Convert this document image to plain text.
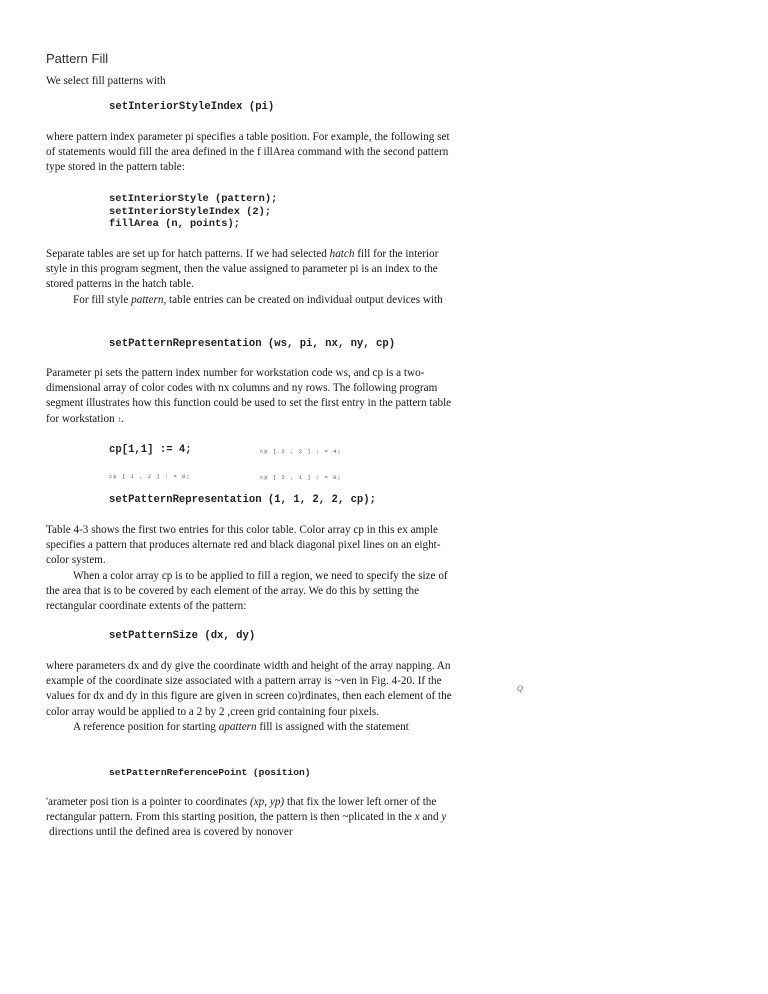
Pattern Fill
We select fill patterns with
setInteriorStyleIndex (pi)
where pattern index parameter pi specifies a table position. For example, the following set
of statements would fill the area defined in the f illArea command with the second pattern
type stored in the pattern table:
setInteriorStyle (pattern);
setInteriorStyleIndex (2);
fillArea (n, points);
Separate tables are set up for hatch patterns. If we had selected hatch fill for the interior
style in this program segment, then the value assigned to parameter pi is an index to the
stored patterns in the hatch table.
For fill style pattern, table entries can be created on individual output devices with
setPatternRepresentation (ws, pi, nx, ny, cp)
Parameter pi sets the pattern index number for workstation code ws, and cp is a two-
dimensional array of color codes with nx columns and ny rows. The following program
segment illustrates how this function could be used to set the first entry in the pattern table
for workstation 1.
cp[1,1] := 4;	cp [ 2 , 2 ] : = 4;
cp [ 1 , 2 ] : = 0;	cp [ 2 , 1 ] : = 0;
setPatternRepresentation (1, 1, 2, 2, cp);
Table 4-3 shows the first two entries for this color table. Color array cp in this ex ample
specifies a pattern that produces alternate red and black diagonal pixel lines on an eight-
color system.
When a color array cp is to be applied to fill a region, we need to specify the size of
the area that is to be covered by each element of the array. We do this by setting the
rectangular coordinate extents of the pattern:
setPatternSize (dx, dy)
where parameters dx and dy give the coordinate width and height of the array napping. An
example of the coordinate size associated with a pattern array is ~ven in Fig. 4-20. If the
values for dx and dy in this figure are given in screen co)rdinates, then each element of the
color array would be applied to a 2 by 2 ,creen grid containing four pixels.
A reference position for starting apattern fill is assigned with the statement
Q
setPatternReferencePoint (position)
'arameter posi tion is a pointer to coordinates (xp, yp) that fix the lower left orner of the
rectangular pattern. From this starting position, the pattern is then ~plicated in the x and y
directions until the defined area is covered by nonover
